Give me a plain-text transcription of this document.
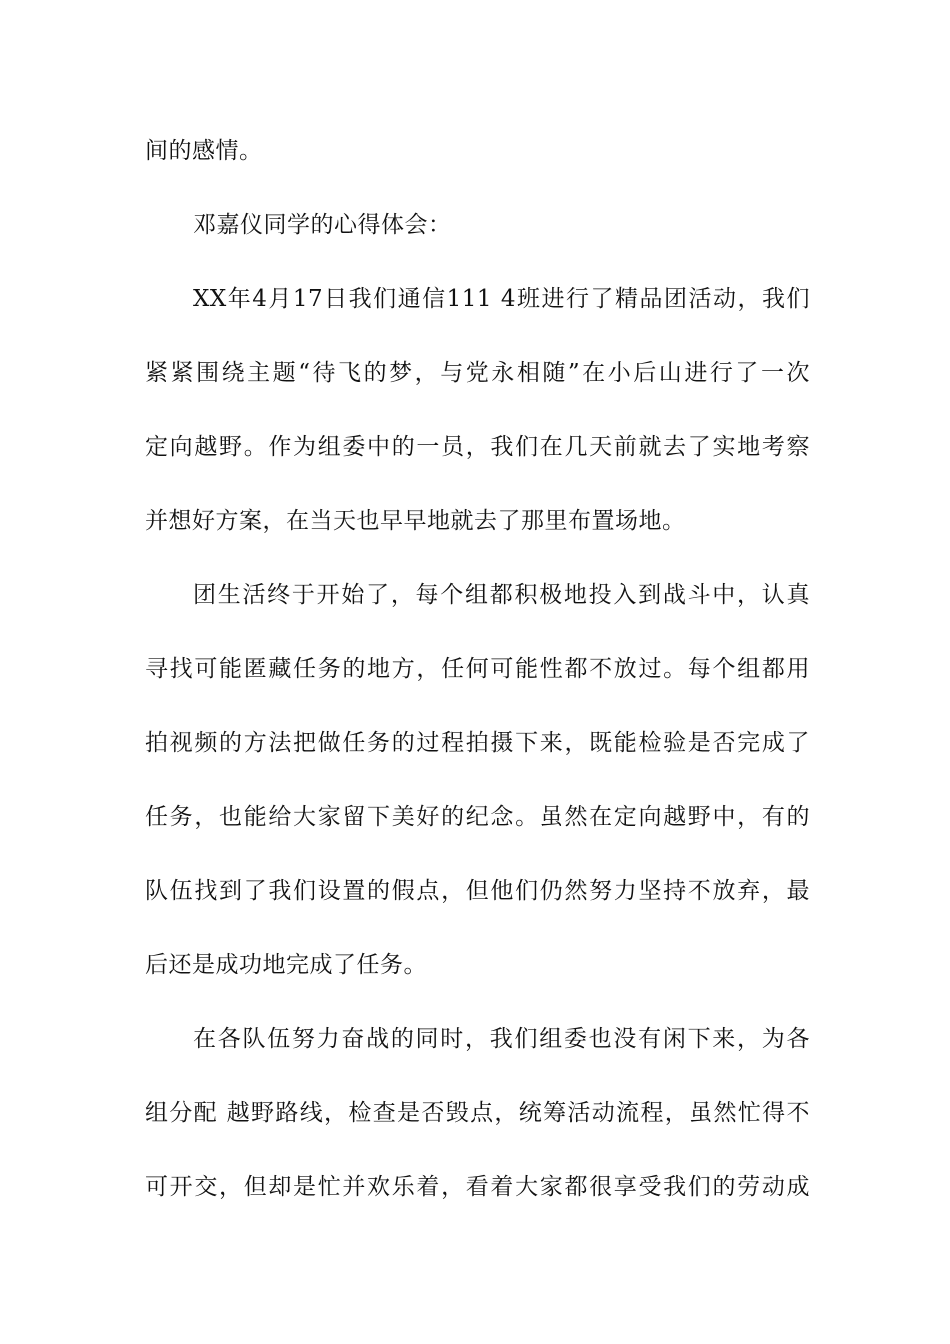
间的感情。
邓嘉仪同学的心得体会：
XX年4月17日我们通信111 4班进行了精品团活动，我们
紧紧围绕主题“待飞的梦，与党永相随”在小后山进行了一次
定向越野。作为组委中的一员，我们在几天前就去了实地考察
并想好方案，在当天也早早地就去了那里布置场地。
团生活终于开始了，每个组都积极地投入到战斗中，认真
寻找可能匿藏任务的地方，任何可能性都不放过。每个组都用
拍视频的方法把做任务的过程拍摄下来，既能检验是否完成了
任务，也能给大家留下美好的纪念。虽然在定向越野中，有的
队伍找到了我们设置的假点，但他们仍然努力坚持不放弃，最
后还是成功地完成了任务。
在各队伍努力奋战的同时，我们组委也没有闲下来，为各
组分配 越野路线，检查是否毁点，统筹活动流程，虽然忙得不
可开交，但却是忙并欢乐着，看着大家都很享受我们的劳动成
